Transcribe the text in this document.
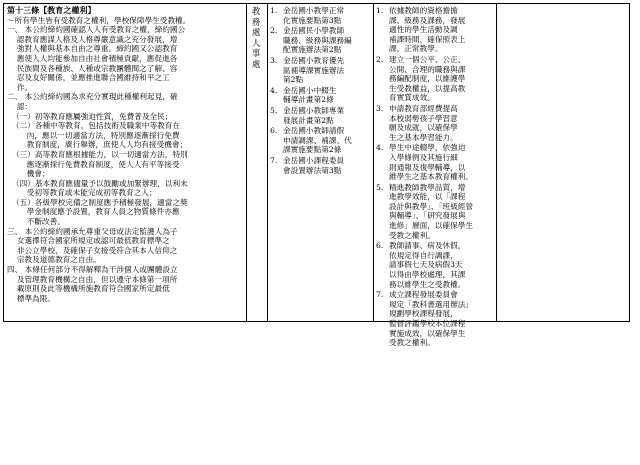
第十三條【教育之權利】
～所有學生皆有受教育之權利，學校保障學生受教權。
一、 本公約締約國確認人人有受教育之權，締約國公
認教育應謀人格及人格尊嚴意識之充分發展，增
強對人權與基本自由之尊重。締約國又公認教育
應使人人均能參加自由社會積極貢獻，應促進各
民族間及各種族、人種或宗教團體間之了解、容
忍及友好關係，並應推進聯合國維持和平之工
作。
二、 本公約締約國為求充分實現此種權利起見，確
認：
（一）初等教育應屬強迫性質，免費普及全民；
（二）各種中等教育，包括技術及職業中等教育在
內，應以一切適當方法，特別應逐漸採行免費
教育制度，廣行舉辦，庶使人人均有接受機會；
（三）高等教育應根據能力，以一切適當方法，特別
應逐漸採行免費教育制度，使人人有平等接受
機會；
（四）基本教育應儘量予以鼓勵或加緊辦理，以利未
受初等教育或未能完成初等教育之人；
（五）各級學校完備之制度應予積極發展，適當之獎
學金制度應予設置，教育人員之物質條件亦應
不斷改善。
三、 本公約締約國承允尊重父母或法定監護人為子
女選擇符合國家所規定或認可最低教育標準之
非公立學校，及確保子女接受符合其本人信仰之
宗教及道德教育之自由。
四、 本條任何部分不得解釋為干涉個人或團體設立
及管理教育機構之自由，但以遵守本條第一項所
載原則及此等機構所施教育符合國家所定最低
標準為限。
教務處人事處
1. 金岳國小教學正常
化實施要點第3點
2. 金岳國民小學教師
職務、級務與課務編
配實施辦法第2點
3. 金岳國小教育優先
區補導課實施辦法
第2點
4. 金岳國小中輟生
輔導計畫第2條
5. 金岳國小教師專業
發展計畫第2點
6. 金岳國小教師請假
申請調課、補課、代
課實施要點第2條
7. 金岳國小課程委員
會設置辦法第3點
1. 依據教師的資格擔擔
課、級務及課務，發展
適性的學生活動及調
補課時間，確保照表上
課，正常教學。
2. 建立一個公平、公正、
公開、合理的職務與課
務編配制度，以維護學
生受教權益，以提高教
育實質成效。
3. 申請教育部經費提高
本校弱勢孩子學習意
願及成就，以確保學
生之基本學習能力。
4. 學生中途輟學，依強迫
入學條例及其施行細
則通報及復學輔導，以
維學生之基本教育權利。
5. 精進教師教學品質，增
進教學效能，以「課程
設計與教學」、「班級經營
與輔導」、「研究發展與
進修」層面，以確保學生
受教之權利。
6. 教師請事、病及休假，
依規定得自行調課，
請事假七天及病假3天
以得由學校處理，其課
務以維學生之受教權。
7. 成立課程發展委員會
規定「教科書選用辦法」
規劃學校課程發展，
監督評鑑學校本位課程
實施成效，以確保學生
受教之權利。
